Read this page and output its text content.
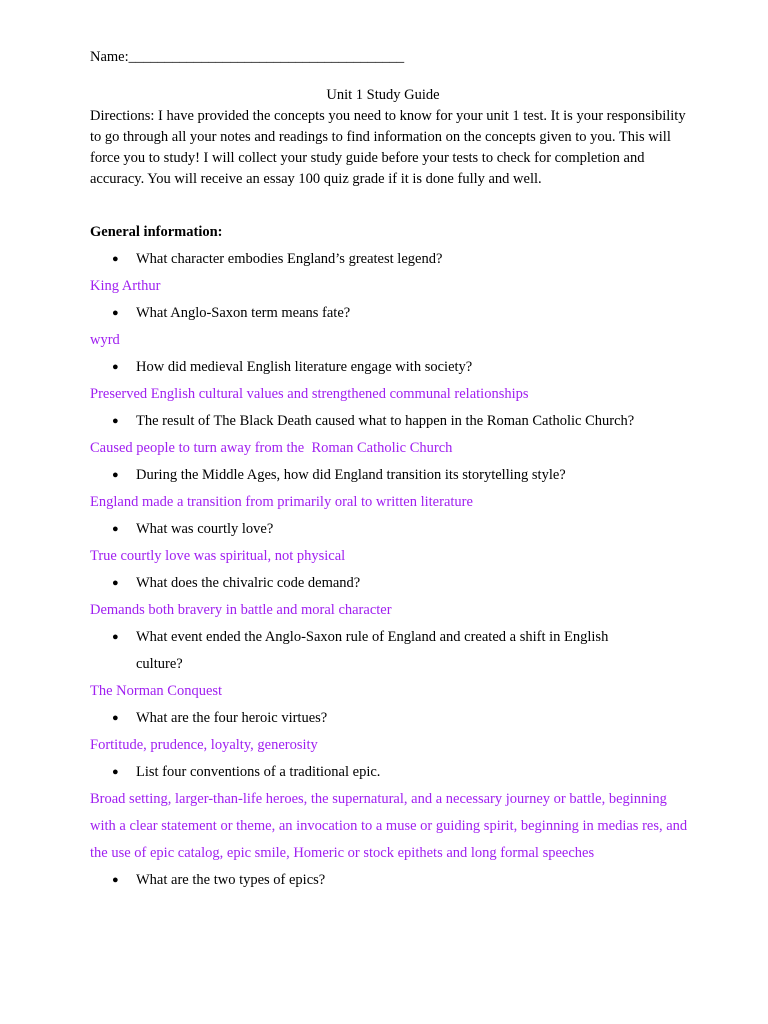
Name:______________________________________
Unit 1 Study Guide

Directions: I have provided the concepts you need to know for your unit 1 test. It is your responsibility to go through all your notes and readings to find information on the concepts given to you. This will force you to study! I will collect your study guide before your tests to check for completion and accuracy. You will receive an essay 100 quiz grade if it is done fully and well.

General information:
● What character embodies England’s greatest legend?
King Arthur
● What Anglo-Saxon term means fate?
wyrd
● How did medieval English literature engage with society?
Preserved English cultural values and strengthened communal relationships
● The result of The Black Death caused what to happen in the Roman Catholic Church?
Caused people to turn away from the  Roman Catholic Church
● During the Middle Ages, how did England transition its storytelling style?
England made a transition from primarily oral to written literature
● What was courtly love?
True courtly love was spiritual, not physical
● What does the chivalric code demand?
Demands both bravery in battle and moral character
● What event ended the Anglo-Saxon rule of England and created a shift in English culture?
The Norman Conquest
● What are the four heroic virtues?
Fortitude, prudence, loyalty, generosity
● List four conventions of a traditional epic.
Broad setting, larger-than-life heroes, the supernatural, and a necessary journey or battle, beginning with a clear statement or theme, an invocation to a muse or guiding spirit, beginning in medias res, and the use of epic catalog, epic smile, Homeric or stock epithets and long formal speeches
● What are the two types of epics?
